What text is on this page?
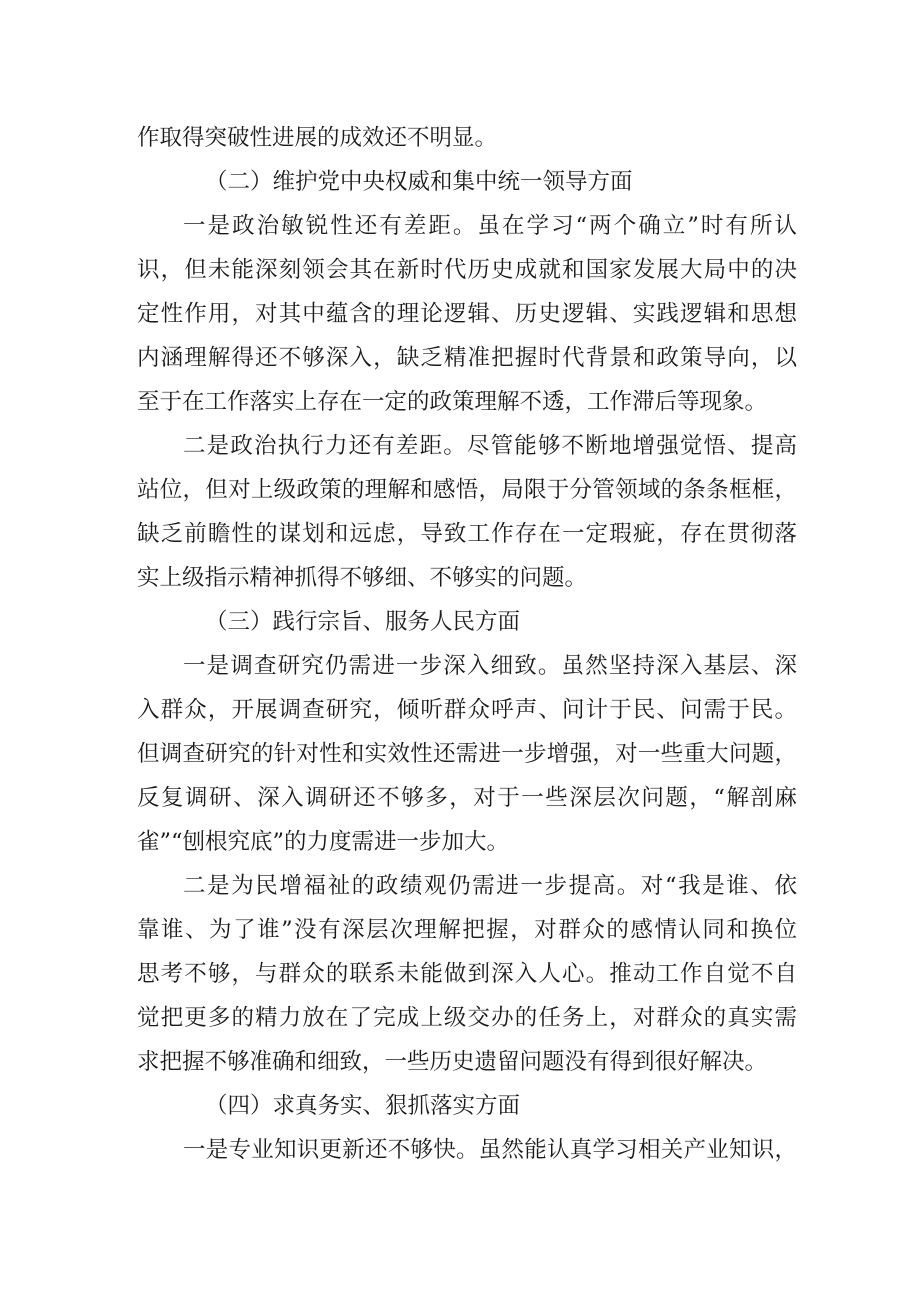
作取得突破性进展的成效还不明显。

（二）维护党中央权威和集中统一领导方面

一是政治敏锐性还有差距。虽在学习“两个确立”时有所认

识，但未能深刻领会其在新时代历史成就和国家发展大局中的决

定性作用，对其中蕴含的理论逻辑、历史逻辑、实践逻辑和思想

内涵理解得还不够深入，缺乏精准把握时代背景和政策导向，以

至于在工作落实上存在一定的政策理解不透，工作滞后等现象。

二是政治执行力还有差距。尽管能够不断地增强觉悟、提高

站位，但对上级政策的理解和感悟，局限于分管领域的条条框框，

缺乏前瞻性的谋划和远虑，导致工作存在一定瑕疵，存在贯彻落

实上级指示精神抓得不够细、不够实的问题。

（三）践行宗旨、服务人民方面

一是调查研究仍需进一步深入细致。虽然坚持深入基层、深

入群众，开展调查研究，倾听群众呼声、问计于民、问需于民。

但调查研究的针对性和实效性还需进一步增强，对一些重大问题，

反复调研、深入调研还不够多，对于一些深层次问题，“解剖麻

雀”“刨根究底”的力度需进一步加大。

二是为民增福祉的政绩观仍需进一步提高。对“我是谁、依

靠谁、为了谁”没有深层次理解把握，对群众的感情认同和换位

思考不够，与群众的联系未能做到深入人心。推动工作自觉不自

觉把更多的精力放在了完成上级交办的任务上，对群众的真实需

求把握不够准确和细致，一些历史遗留问题没有得到很好解决。

（四）求真务实、狠抓落实方面

一是专业知识更新还不够快。虽然能认真学习相关产业知识，
